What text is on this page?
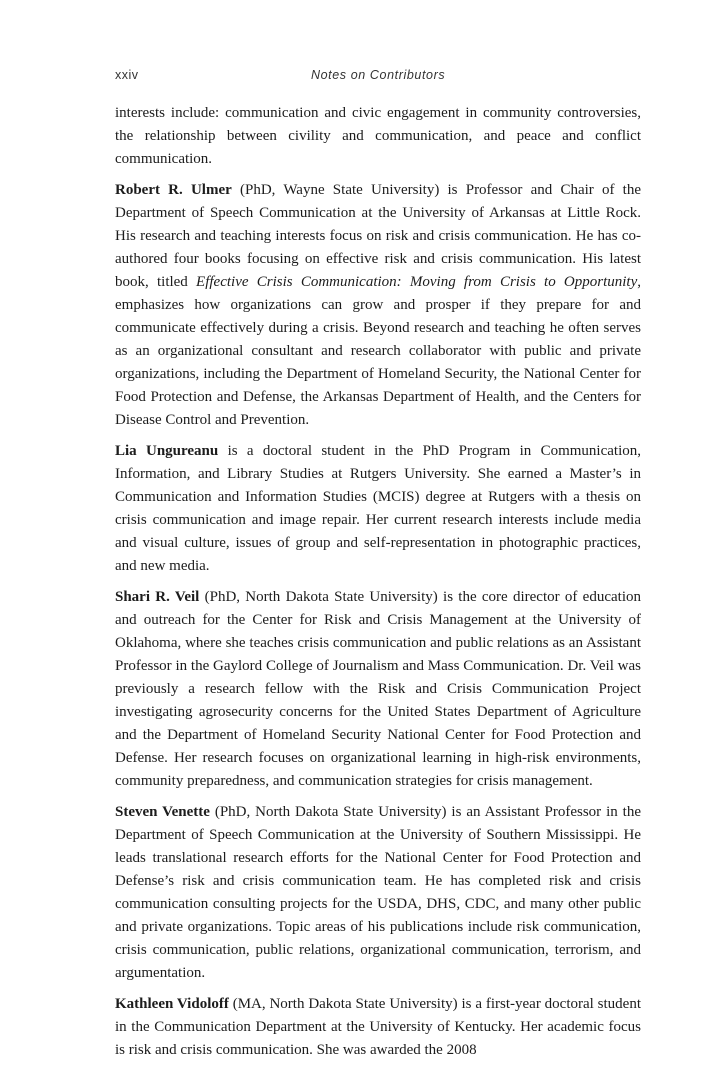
xxiv	Notes on Contributors

interests include: communication and civic engagement in community controversies, the relationship between civility and communication, and peace and conflict communication.

Robert R. Ulmer (PhD, Wayne State University) is Professor and Chair of the Department of Speech Communication at the University of Arkansas at Little Rock. His research and teaching interests focus on risk and crisis communication. He has co-authored four books focusing on effective risk and crisis communication. His latest book, titled Effective Crisis Communication: Moving from Crisis to Opportunity, emphasizes how organizations can grow and prosper if they prepare for and communicate effectively during a crisis. Beyond research and teaching he often serves as an organizational consultant and research collaborator with public and private organizations, including the Department of Homeland Security, the National Center for Food Protection and Defense, the Arkansas Department of Health, and the Centers for Disease Control and Prevention.

Lia Ungureanu is a doctoral student in the PhD Program in Communication, Information, and Library Studies at Rutgers University. She earned a Master’s in Communication and Information Studies (MCIS) degree at Rutgers with a thesis on crisis communication and image repair. Her current research interests include media and visual culture, issues of group and self-representation in photographic practices, and new media.

Shari R. Veil (PhD, North Dakota State University) is the core director of education and outreach for the Center for Risk and Crisis Management at the University of Oklahoma, where she teaches crisis communication and public relations as an Assistant Professor in the Gaylord College of Journalism and Mass Communication. Dr. Veil was previously a research fellow with the Risk and Crisis Communication Project investigating agrosecurity concerns for the United States Department of Agriculture and the Department of Homeland Security National Center for Food Protection and Defense. Her research focuses on organizational learning in high-risk environments, community preparedness, and communication strategies for crisis management.

Steven Venette (PhD, North Dakota State University) is an Assistant Professor in the Department of Speech Communication at the University of Southern Mississippi. He leads translational research efforts for the National Center for Food Protection and Defense’s risk and crisis communication team. He has completed risk and crisis communication consulting projects for the USDA, DHS, CDC, and many other public and private organizations. Topic areas of his publications include risk communication, crisis communication, public relations, organizational communication, terrorism, and argumentation.

Kathleen Vidoloff (MA, North Dakota State University) is a first-year doctoral student in the Communication Department at the University of Kentucky. Her academic focus is risk and crisis communication. She was awarded the 2008
